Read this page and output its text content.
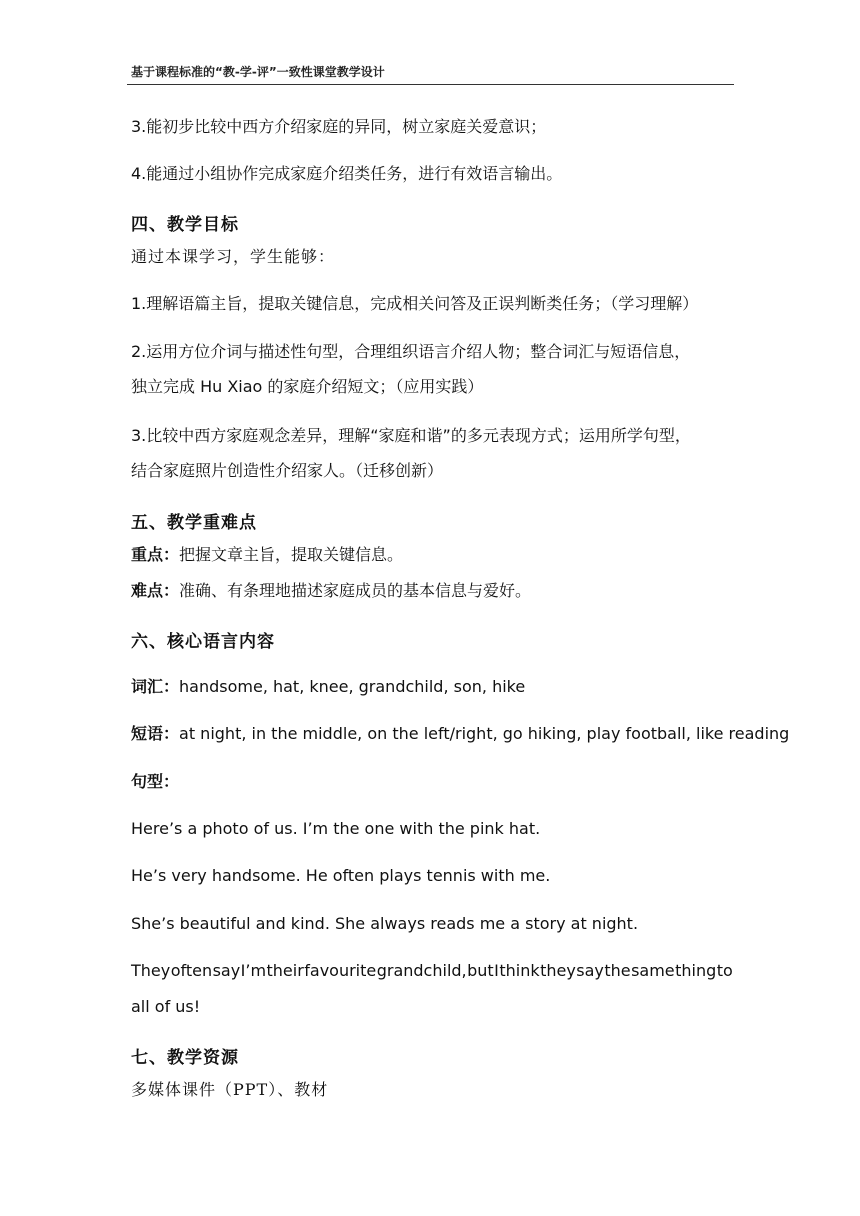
基于课程标准的“教-学-评”一致性课堂教学设计
3.能初步比较中西方介绍家庭的异同，树立家庭关爱意识；
4.能通过小组协作完成家庭介绍类任务，进行有效语言输出。
四、教学目标
通过本课学习，学生能够：
1.理解语篇主旨，提取关键信息，完成相关问答及正误判断类任务；（学习理解）
2.运用方位介词与描述性句型，合理组织语言介绍人物；整合词汇与短语信息，
独立完成 Hu Xiao 的家庭介绍短文；（应用实践）
3.比较中西方家庭观念差异，理解“家庭和谐”的多元表现方式；运用所学句型，
结合家庭照片创造性介绍家人。（迁移创新）
五、教学重难点
重点：把握文章主旨，提取关键信息。
难点：准确、有条理地描述家庭成员的基本信息与爱好。
六、核心语言内容
词汇：handsome, hat, knee, grandchild, son, hike
短语：at night, in the middle, on the left/right, go hiking, play football, like reading
句型：
Here’s a photo of us. I’m the one with the pink hat.
He’s very handsome. He often plays tennis with me.
She’s beautiful and kind. She always reads me a story at night.
They often say I’m their favourite grandchild, but I think they say the same thing to
all of us!
七、教学资源
多媒体课件（PPT）、教材
